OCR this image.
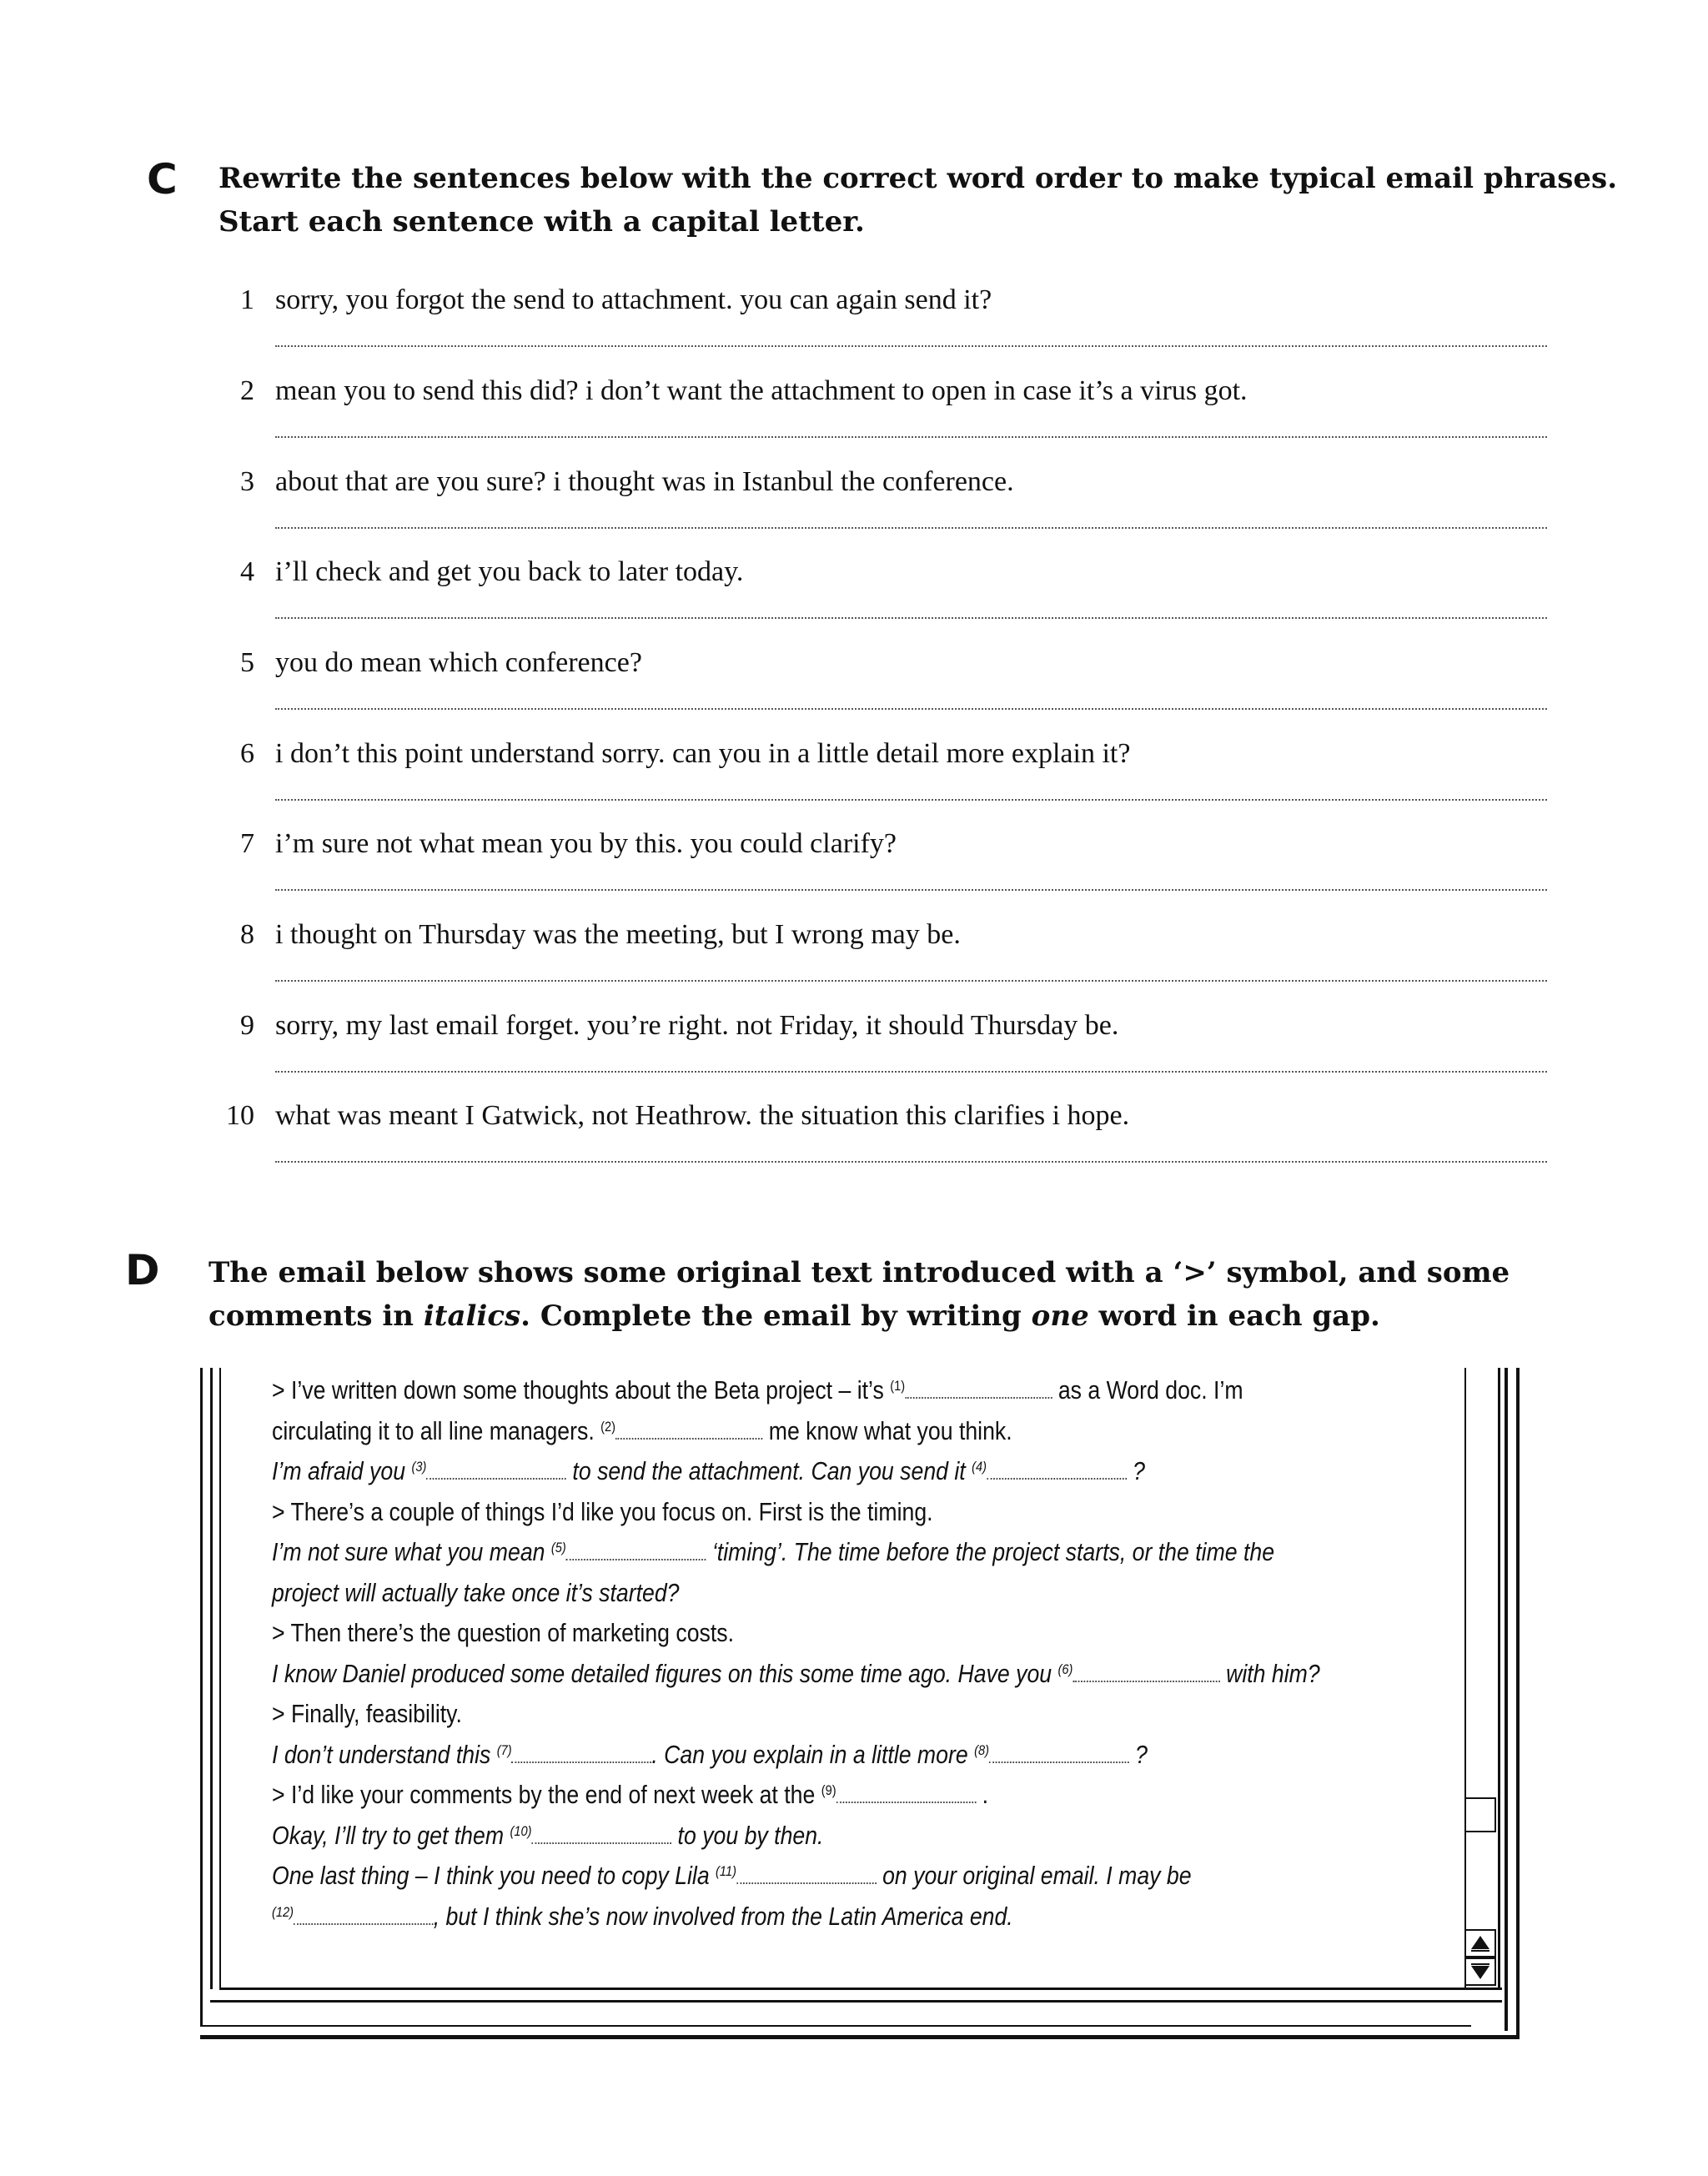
C Rewrite the sentences below with the correct word order to make typical email phrases.
Start each sentence with a capital letter.
1 sorry, you forgot the send to attachment. you can again send it?
2 mean you to send this did? i don’t want the attachment to open in case it’s a virus got.
3 about that are you sure? i thought was in Istanbul the conference.
4 i’ll check and get you back to later today.
5 you do mean which conference?
6 i don’t this point understand sorry. can you in a little detail more explain it?
7 i’m sure not what mean you by this. you could clarify?
8 i thought on Thursday was the meeting, but I wrong may be.
9 sorry, my last email forget. you’re right. not Friday, it should Thursday be.
10 what was meant I Gatwick, not Heathrow. the situation this clarifies i hope.
D The email below shows some original text introduced with a ‘>’ symbol, and some
comments in italics. Complete the email by writing one word in each gap.
> I’ve written down some thoughts about the Beta project – it’s $^{(1)}$	as a Word doc. I’m
circulating it to all line managers. $^{(2)}$	me know what you think.
I’m afraid you $^{(3)}$	to send the attachment. Can you send it $^{(4)}$	?
> There’s a couple of things I’d like you focus on. First is the timing.
I’m not sure what you mean $^{(5)}$	‘timing’. The time before the project starts, or the time the
project will actually take once it’s started?
> Then there’s the question of marketing costs.
I know Daniel produced some detailed figures on this some time ago. Have you $^{(6)}$	with him?
> Finally, feasibility.
I don’t understand this $^{(7)}$	. Can you explain in a little more $^{(8)}$	?
> I’d like your comments by the end of next week at the $^{(9)}$	.
Okay, I’ll try to get them $^{(10)}$	to you by then.
One last thing – I think you need to copy Lila $^{(11)}$	on your original email. I may be
$^{(12)}$	, but I think she’s now involved from the Latin America end.
